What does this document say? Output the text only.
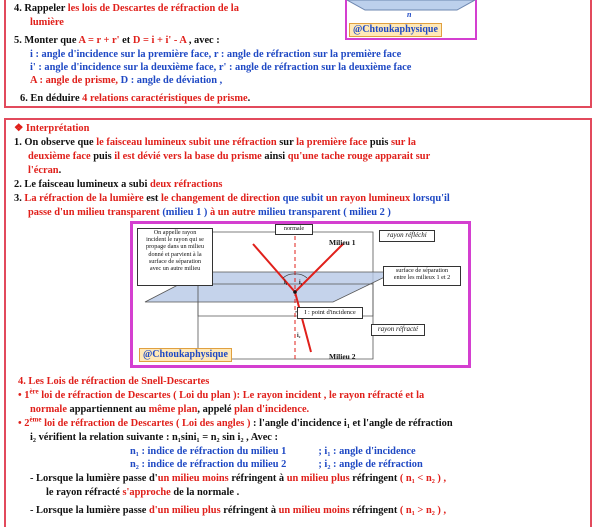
4. Rappeler les lois de Descartes de réfraction de la
lumière
5. Monter que A = r + r' et D = i + i' - A , avec :
i : angle d'incidence sur la première face, r : angle de réfraction sur la première face
i' : angle d'incidence sur la deuxième face, r' : angle de réfraction sur la deuxième face
A : angle de prisme, D : angle de déviation ,
6. En déduire 4 relations caractéristiques de prisme.
n
@Chtoukaphysique
❖ Interprétation
1. On observe que le faisceau lumineux subit une réfraction sur la première face puis sur la
deuxième face puis il est dévié vers la base du prisme ainsi qu'une tache rouge apparait sur
l'écran.
2. Le faisceau lumineux a subi deux réfractions
3. La réfraction de la lumière est le changement de direction que subit un rayon lumineux lorsqu'il
passe d'un milieu transparent (milieu 1 ) à un autre milieu transparent ( milieu 2 )
On appelle rayon
incident le rayon qui se
propage dans un milieu
donné et parvient à la
surface de séparation
avec un autre milieu
normale
Milieu 1
rayon réfléchi
surface de séparation
entre les milieux 1 et 2
i₁ i₁
I : point d'incidence
rayon réfracté
i₂
Milieu 2
@Chtoukaphysique
4. Les Lois de réfraction de Snell-Descartes
• 1ère loi de réfraction de Descartes ( Loi du plan ): Le rayon incident , le rayon réfracté et la
normale appartiennent au même plan, appelé plan d'incidence.
• 2ème loi de réfraction de Descartes ( Loi des angles ) : l'angle d'incidence i₁ et l'angle de réfraction
i₂ vérifient la relation suivante : n₁sini₁ = n₂ sin i₂ , Avec :
n₁ : indice de réfraction du milieu 1	; i₁ : angle d'incidence
n₂ : indice de réfraction du milieu 2	; i₂ : angle de réfraction
- Lorsque la lumière passe d'un milieu moins réfringent à un milieu plus réfringent ( n₁ < n₂ ) ,
le rayon réfracté s'approche de la normale .
- Lorsque la lumière passe d'un milieu plus réfringent à un milieu moins réfringent ( n₁ > n₂ ) ,
